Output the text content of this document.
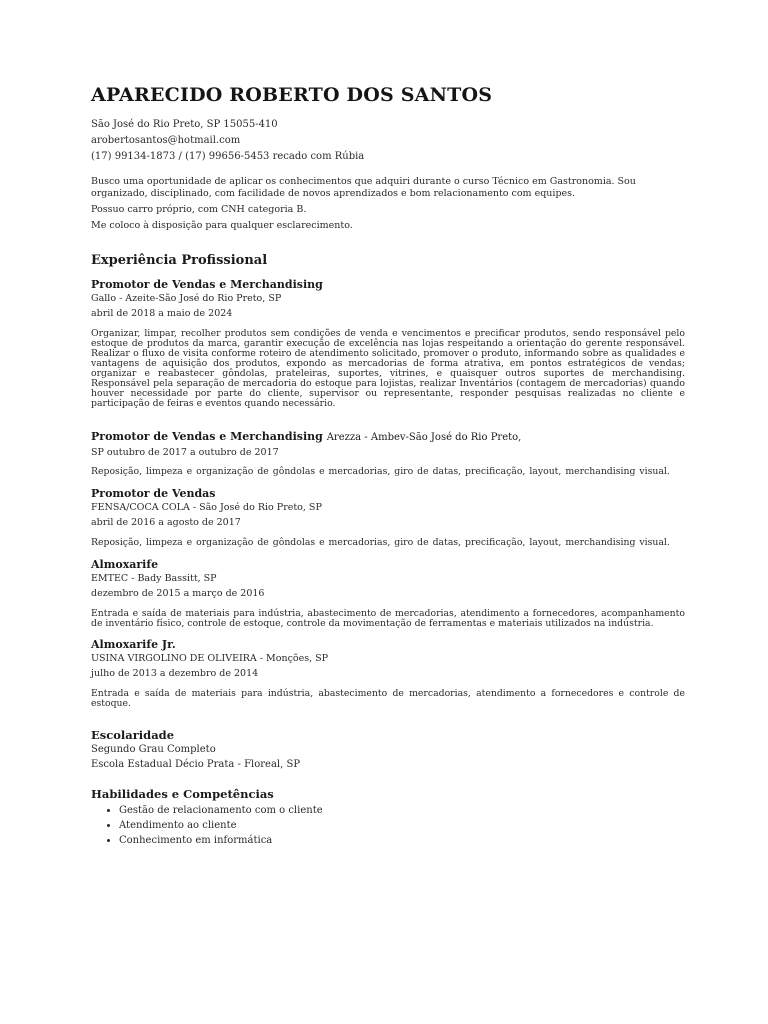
APARECIDO ROBERTO DOS SANTOS
São José do Rio Preto, SP 15055-410
arobertosantos@hotmail.com
(17) 99134-1873 / (17) 99656-5453 recado com Rúbia

Busco uma oportunidade de aplicar os conhecimentos que adquiri durante o curso Técnico em Gastronomia. Sou organizado, disciplinado, com facilidade de novos aprendizados e bom relacionamento com equipes.

Possuo carro próprio, com CNH categoria B.

Me coloco à disposição para qualquer esclarecimento.

Experiência Profissional
Promotor de Vendas e Merchandising
Gallo - Azeite-São José do Rio Preto, SP
abril de 2018 a maio de 2024

Organizar, limpar, recolher produtos sem condições de venda e vencimentos e precificar produtos, sendo responsável pelo estoque de produtos da marca, garantir execução de excelência nas lojas respeitando a orientação do gerente responsável. Realizar o fluxo de visita conforme roteiro de atendimento solicitado, promover o produto, informando sobre as qualidades e vantagens de aquisição dos produtos, expondo as mercadorias de forma atrativa, em pontos estratégicos de vendas; organizar e reabastecer gôndolas, prateleiras, suportes, vitrines, e quaisquer outros suportes de merchandising. Responsável pela separação de mercadoria do estoque para lojistas, realizar Inventários (contagem de mercadorias) quando houver necessidade por parte do cliente, supervisor ou representante, responder pesquisas realizadas no cliente e participação de feiras e eventos quando necessário.

Promotor de Vendas e Merchandising Arezza - Ambev-São José do Rio Preto,
SP outubro de 2017 a outubro de 2017

Reposição, limpeza e organização de gôndolas e mercadorias, giro de datas, precificação, layout, merchandising visual.

Promotor de Vendas
FENSA/COCA COLA - São José do Rio Preto, SP
abril de 2016 a agosto de 2017

Reposição, limpeza e organização de gôndolas e mercadorias, giro de datas, precificação, layout, merchandising visual.

Almoxarife
EMTEC - Bady Bassitt, SP
dezembro de 2015 a março de 2016

Entrada e saída de materiais para indústria, abastecimento de mercadorias, atendimento a fornecedores, acompanhamento de inventário físico, controle de estoque, controle da movimentação de ferramentas e materiais utilizados na indústria.

Almoxarife Jr.
USINA VIRGOLINO DE OLIVEIRA - Monções, SP
julho de 2013 a dezembro de 2014

Entrada e saída de materiais para indústria, abastecimento de mercadorias, atendimento a fornecedores e controle de estoque.

Escolaridade
Segundo Grau Completo
Escola Estadual Décio Prata - Floreal, SP
Habilidades e Competências
• Gestão de relacionamento com o cliente
• Atendimento ao cliente
• Conhecimento em informática
